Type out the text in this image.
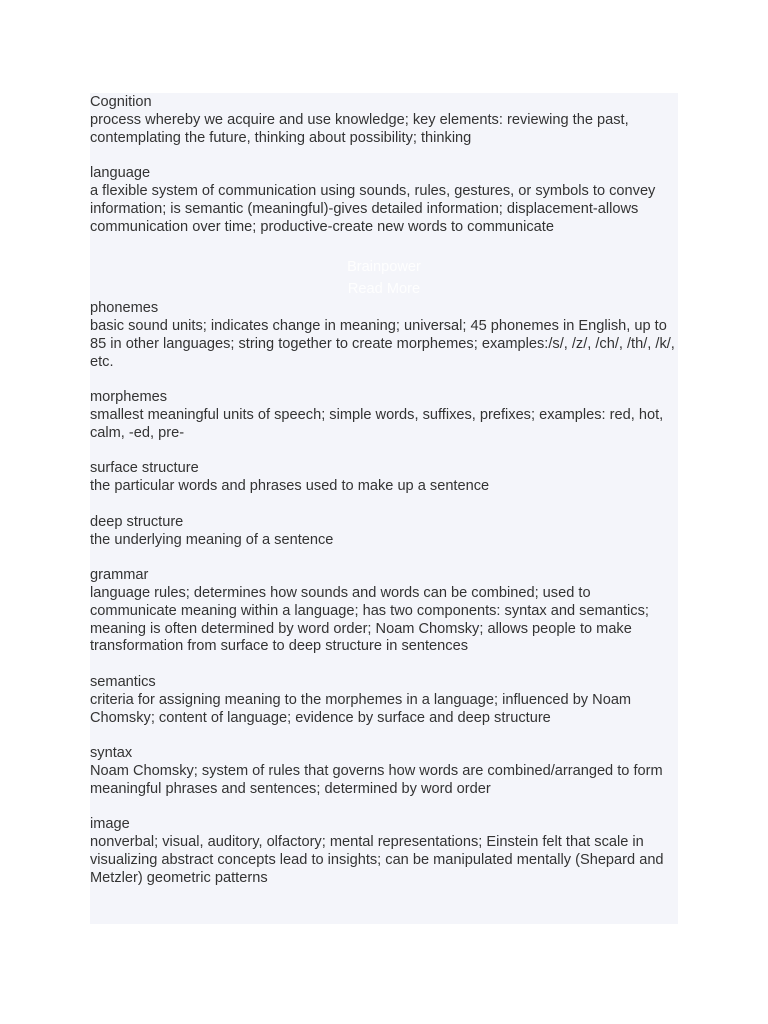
Cognition
process whereby we acquire and use knowledge; key elements: reviewing the past, contemplating the future, thinking about possibility; thinking
language
a flexible system of communication using sounds, rules, gestures, or symbols to convey information; is semantic (meaningful)-gives detailed information; displacement-allows communication over time; productive-create new words to communicate
Brainpower
Read More
phonemes
basic sound units; indicates change in meaning; universal; 45 phonemes in English, up to 85 in other languages; string together to create morphemes; examples:/s/, /z/, /ch/, /th/, /k/, etc.
morphemes
smallest meaningful units of speech; simple words, suffixes, prefixes; examples: red, hot, calm, -ed, pre-
surface structure
the particular words and phrases used to make up a sentence
deep structure
the underlying meaning of a sentence
grammar
language rules; determines how sounds and words can be combined; used to communicate meaning within a language; has two components: syntax and semantics; meaning is often determined by word order; Noam Chomsky; allows people to make transformation from surface to deep structure in sentences
semantics
criteria for assigning meaning to the morphemes in a language; influenced by Noam Chomsky; content of language; evidence by surface and deep structure
syntax
Noam Chomsky; system of rules that governs how words are combined/arranged to form meaningful phrases and sentences; determined by word order
image
nonverbal; visual, auditory, olfactory; mental representations; Einstein felt that scale in visualizing abstract concepts lead to insights; can be manipulated mentally (Shepard and Metzler) geometric patterns
